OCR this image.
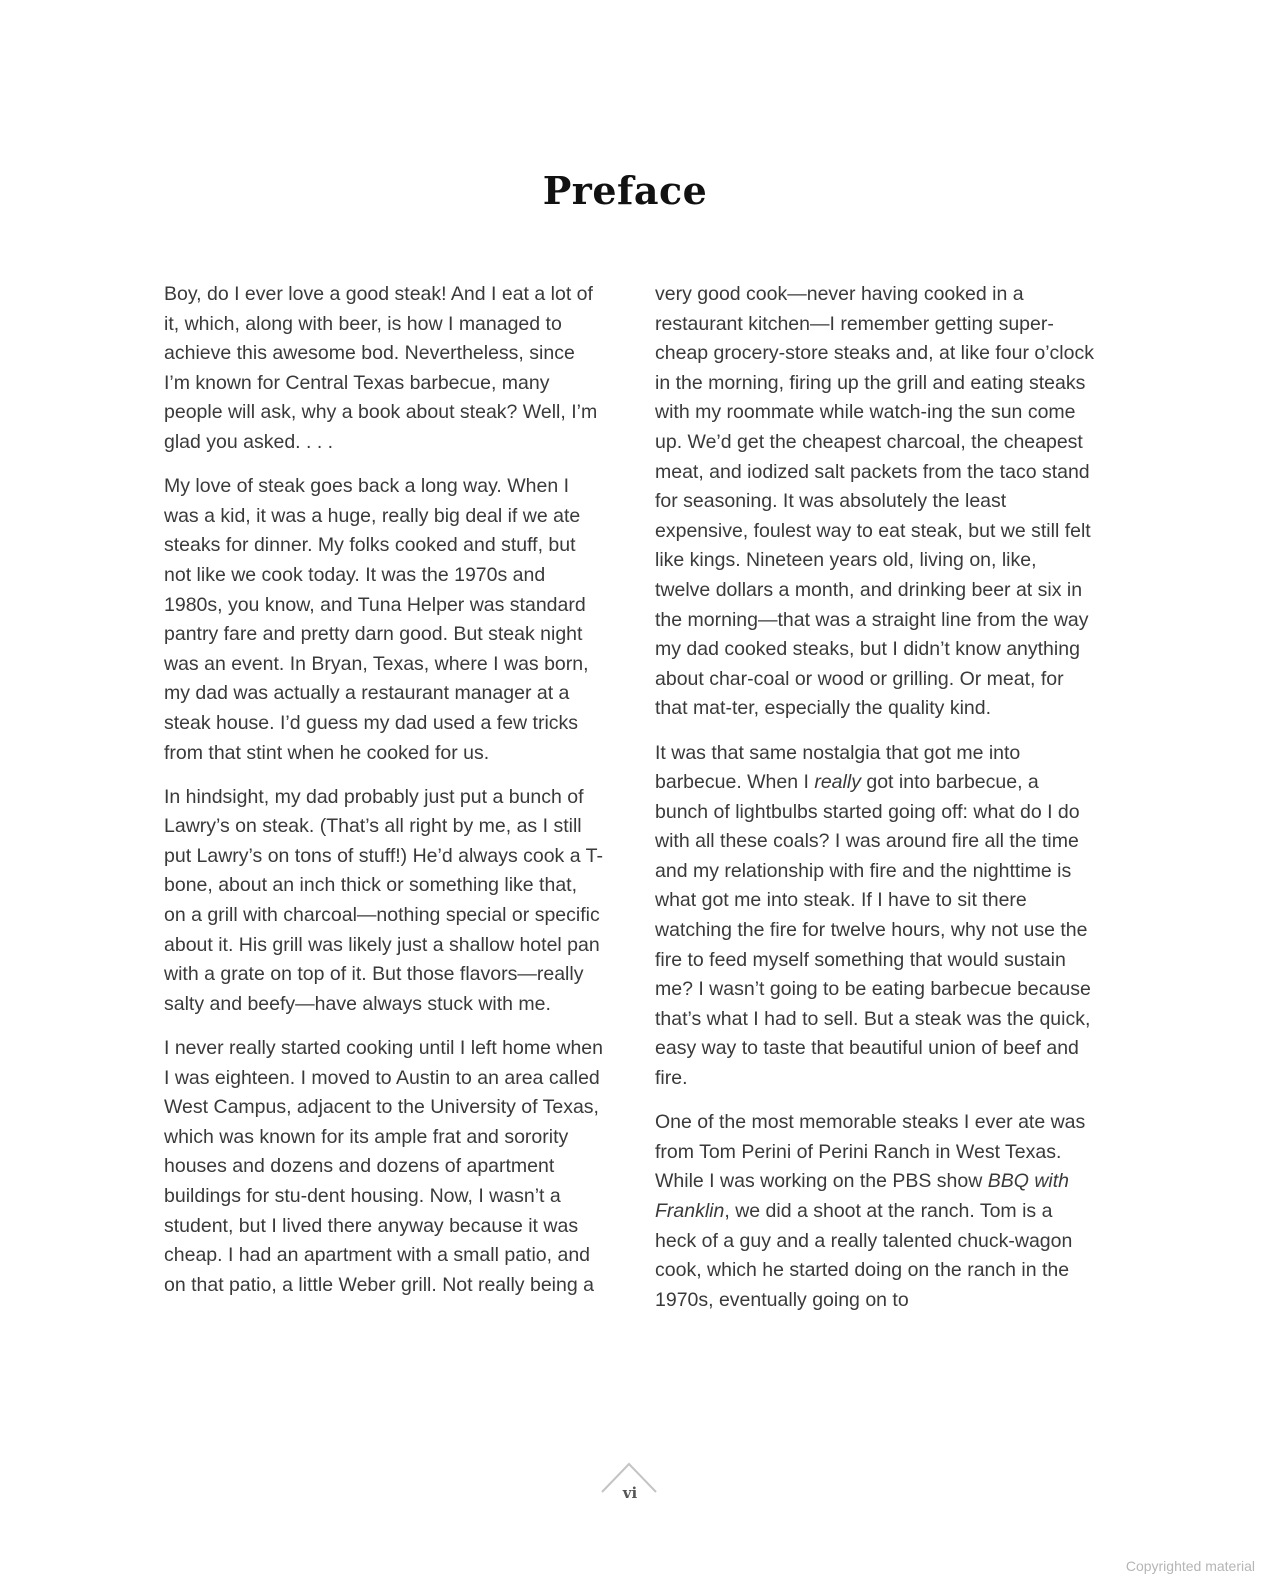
Preface

Boy, do I ever love a good steak! And I eat a lot of it, which, along with beer, is how I managed to achieve this awesome bod. Nevertheless, since I’m known for Central Texas barbecue, many people will ask, why a book about steak? Well, I’m glad you asked. . . .

My love of steak goes back a long way. When I was a kid, it was a huge, really big deal if we ate steaks for dinner. My folks cooked and stuff, but not like we cook today. It was the 1970s and 1980s, you know, and Tuna Helper was standard pantry fare and pretty darn good. But steak night was an event. In Bryan, Texas, where I was born, my dad was actually a restaurant manager at a steak house. I’d guess my dad used a few tricks from that stint when he cooked for us.

In hindsight, my dad probably just put a bunch of Lawry’s on steak. (That’s all right by me, as I still put Lawry’s on tons of stuff!) He’d always cook a T-bone, about an inch thick or something like that, on a grill with charcoal—nothing special or specific about it. His grill was likely just a shallow hotel pan with a grate on top of it. But those flavors—really salty and beefy—have always stuck with me.

I never really started cooking until I left home when I was eighteen. I moved to Austin to an area called West Campus, adjacent to the University of Texas, which was known for its ample frat and sorority houses and dozens and dozens of apartment buildings for stu-dent housing. Now, I wasn’t a student, but I lived there anyway because it was cheap. I had an apartment with a small patio, and on that patio, a little Weber grill. Not really being a

very good cook—never having cooked in a restaurant kitchen—I remember getting super-cheap grocery-store steaks and, at like four o’clock in the morning, firing up the grill and eating steaks with my roommate while watch-ing the sun come up. We’d get the cheapest charcoal, the cheapest meat, and iodized salt packets from the taco stand for seasoning. It was absolutely the least expensive, foulest way to eat steak, but we still felt like kings. Nineteen years old, living on, like, twelve dollars a month, and drinking beer at six in the morning—that was a straight line from the way my dad cooked steaks, but I didn’t know anything about char-coal or wood or grilling. Or meat, for that mat-ter, especially the quality kind.

It was that same nostalgia that got me into barbecue. When I really got into barbecue, a bunch of lightbulbs started going off: what do I do with all these coals? I was around fire all the time and my relationship with fire and the nighttime is what got me into steak. If I have to sit there watching the fire for twelve hours, why not use the fire to feed myself something that would sustain me? I wasn’t going to be eating barbecue because that’s what I had to sell. But a steak was the quick, easy way to taste that beautiful union of beef and fire.

One of the most memorable steaks I ever ate was from Tom Perini of Perini Ranch in West Texas. While I was working on the PBS show BBQ with Franklin, we did a shoot at the ranch. Tom is a heck of a guy and a really talented chuck-wagon cook, which he started doing on the ranch in the 1970s, eventually going on to

vi
Copyrighted material
